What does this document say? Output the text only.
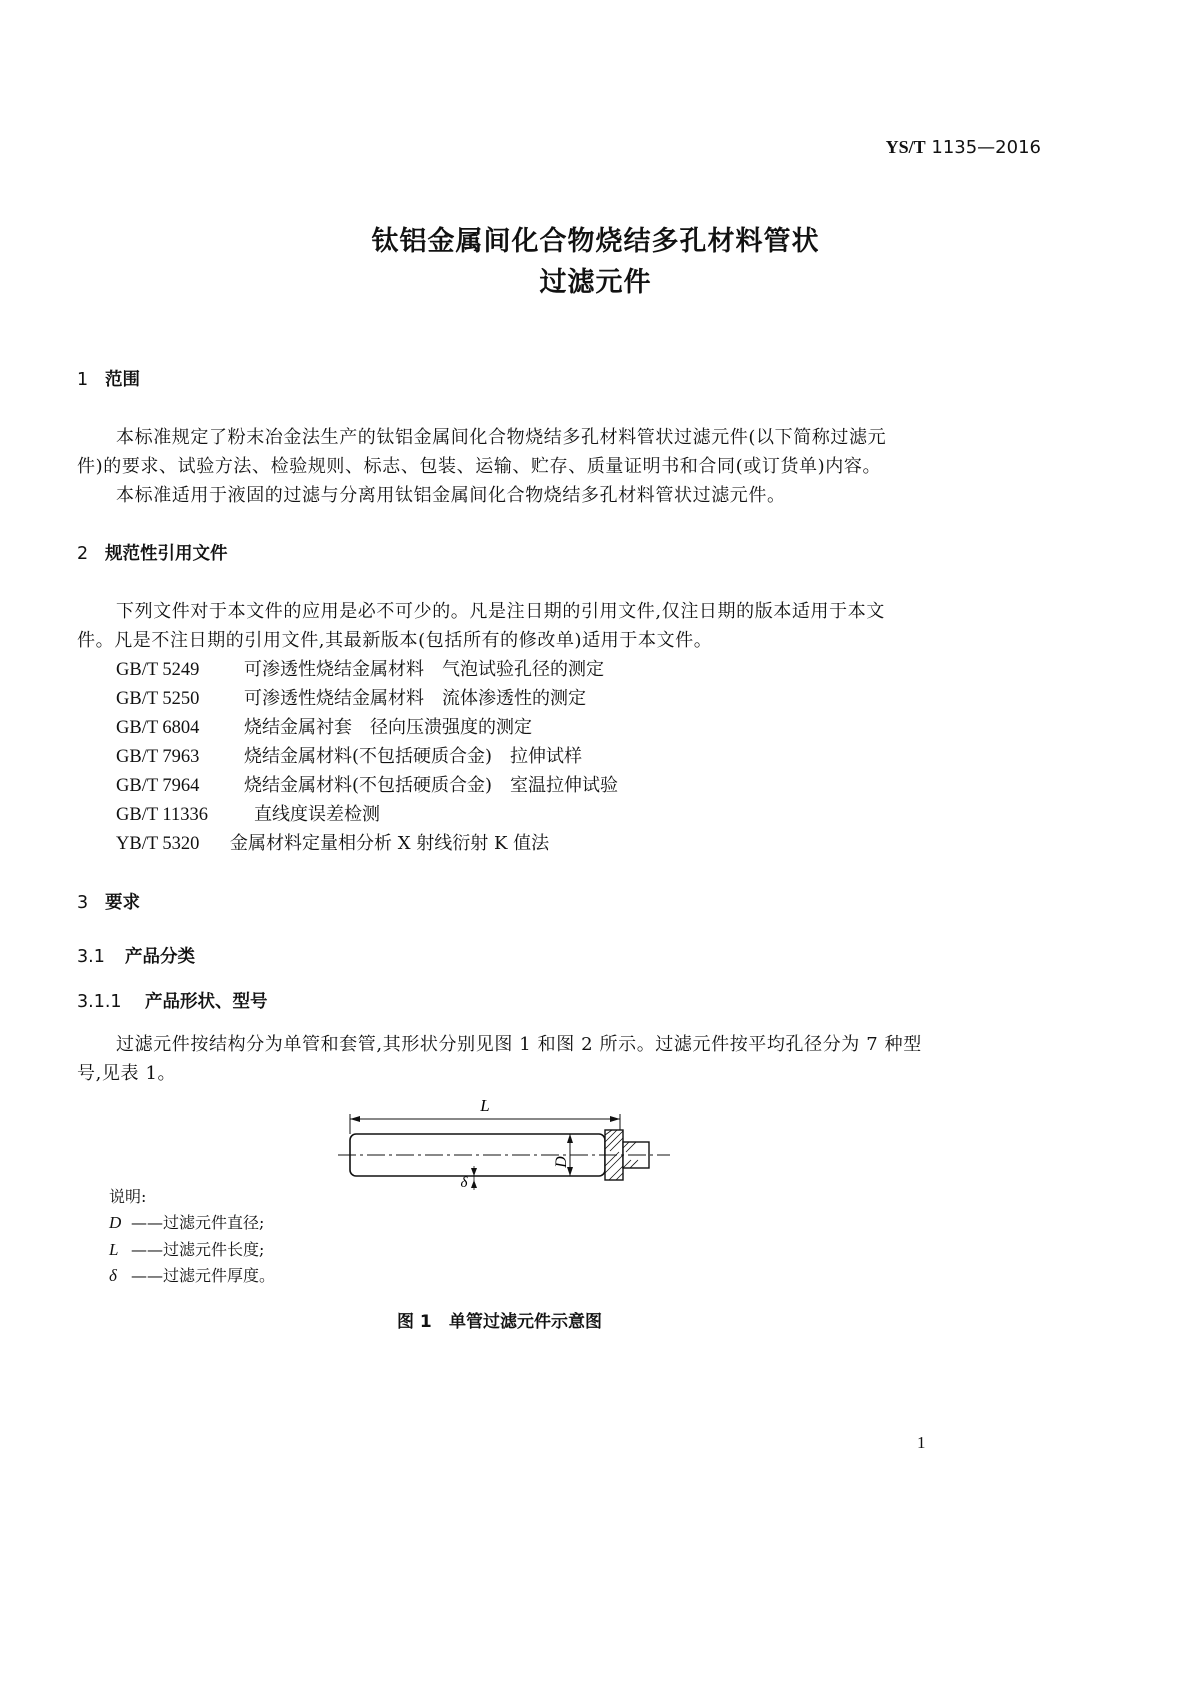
YS/T 1135—2016
钛铝金属间化合物烧结多孔材料管状
过滤元件
1 范围
本标准规定了粉末冶金法生产的钛铝金属间化合物烧结多孔材料管状过滤元件(以下简称过滤元
件)的要求、试验方法、检验规则、标志、包装、运输、贮存、质量证明书和合同(或订货单)内容。
本标准适用于液固的过滤与分离用钛铝金属间化合物烧结多孔材料管状过滤元件。
2 规范性引用文件
下列文件对于本文件的应用是必不可少的。凡是注日期的引用文件,仅注日期的版本适用于本文
件。凡是不注日期的引用文件,其最新版本(包括所有的修改单)适用于本文件。
GB/T 5249 可渗透性烧结金属材料　气泡试验孔径的测定
GB/T 5250 可渗透性烧结金属材料　流体渗透性的测定
GB/T 6804 烧结金属衬套　径向压溃强度的测定
GB/T 7963 烧结金属材料(不包括硬质合金)　拉伸试样
GB/T 7964 烧结金属材料(不包括硬质合金)　室温拉伸试验
GB/T 11336	直线度误差检测
YB/T 5320 金属材料定量相分析 X 射线衍射 K 值法
3 要求
3.1 产品分类
3.1.1 产品形状、型号
过滤元件按结构分为单管和套管,其形状分别见图 1 和图 2 所示。过滤元件按平均孔径分为 7 种型
号,见表 1。
L
D
δ
说明:
D ——过滤元件直径;
L ——过滤元件长度;
δ ——过滤元件厚度。
图 1 单管过滤元件示意图
1
